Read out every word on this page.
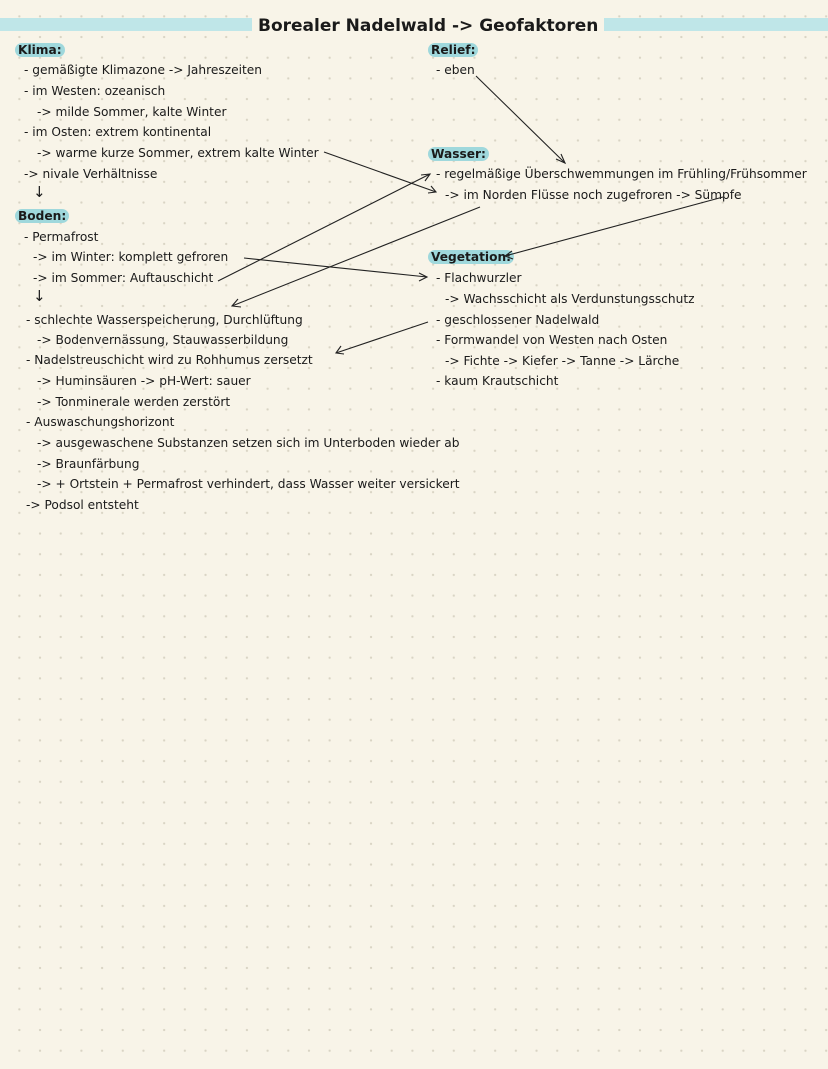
Borealer Nadelwald -> Geofaktoren
Klima:
- gemäßigte Klimazone -> Jahreszeiten
- im Westen: ozeanisch
-> milde Sommer, kalte Winter
- im Osten: extrem kontinental
-> warme kurze Sommer, extrem kalte Winter
-> nivale Verhältnisse
↓
Boden:
- Permafrost
-> im Winter: komplett gefroren
-> im Sommer: Auftauschicht
↓
- schlechte Wasserspeicherung, Durchlüftung
-> Bodenvernässung, Stauwasserbildung
- Nadelstreuschicht wird zu Rohhumus zersetzt
-> Huminsäuren -> pH-Wert: sauer
-> Tonminerale werden zerstört
- Auswaschungshorizont
-> ausgewaschene Substanzen setzen sich im Unterboden wieder ab
-> Braunfärbung
-> + Ortstein + Permafrost verhindert, dass Wasser weiter versickert
-> Podsol entsteht
Relief:
- eben
Wasser:
- regelmäßige Überschwemmungen im Frühling/Frühsommer
-> im Norden Flüsse noch zugefroren -> Sümpfe
Vegetation:
- Flachwurzler
-> Wachsschicht als Verdunstungsschutz
- geschlossener Nadelwald
- Formwandel von Westen nach Osten
-> Fichte -> Kiefer -> Tanne -> Lärche
- kaum Krautschicht
